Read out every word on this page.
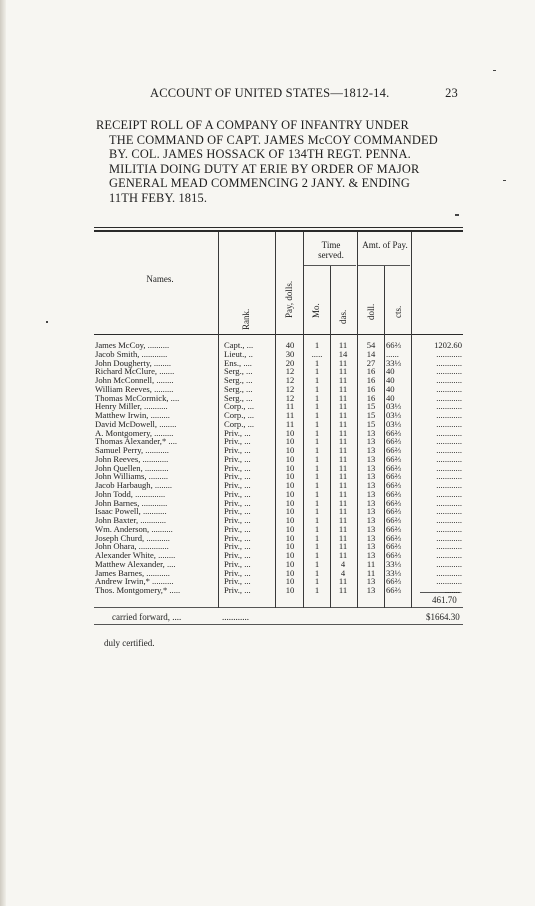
ACCOUNT OF UNITED STATES—1812-14.	23
RECEIPT ROLL OF A COMPANY OF INFANTRY UNDER
THE COMMAND OF CAPT. JAMES McCOY COMMANDED
BY. COL. JAMES HOSSACK OF 134TH REGT. PENNA.
MILITIA DOING DUTY AT ERIE BY ORDER OF MAJOR
GENERAL MEAD COMMENCING 2 JANY. & ENDING
11TH FEBY. 1815.
Names.
Rank.
Pay, dolls.
Time served.
Mo. das.
Amt. of Pay.
doll. cts.
James McCoy, ..........	Capt., ...	40	1	11	54	66⅔	1202.60
Jacob Smith, ............	Lieut., ..	30	.....	14	14	......	............
John Dougherty, ........	Ens., ....	20	1	11	27	33⅓	............
Richard McClure, .......	Serg., ...	12	1	11	16	40	............
John McConnell, ........	Serg., ...	12	1	11	16	40	............
William Reeves, .........	Serg., ...	12	1	11	16	40	............
Thomas McCormick, ....	Serg., ...	12	1	11	16	40	............
Henry Miller, ...........	Corp., ...	11	1	11	15	03⅓	............
Matthew Irwin, .........	Corp., ...	11	1	11	15	03⅓	............
David McDowell, ........	Corp., ...	11	1	11	15	03⅓	............
A. Montgomery, .........	Priv., ...	10	1	11	13	66⅔	............
Thomas Alexander,* ....	Priv., ...	10	1	11	13	66⅔	............
Samuel Perry, ...........	Priv., ...	10	1	11	13	66⅔	............
John Reeves, ............	Priv., ...	10	1	11	13	66⅔	............
John Quellen, ...........	Priv., ...	10	1	11	13	66⅔	............
John Williams, .........	Priv., ...	10	1	11	13	66⅔	............
Jacob Harbaugh, ........	Priv., ...	10	1	11	13	66⅔	............
John Todd, ..............	Priv., ...	10	1	11	13	66⅔	............
John Barnes, ............	Priv., ...	10	1	11	13	66⅔	............
Isaac Powell, ...........	Priv., ...	10	1	11	13	66⅔	............
John Baxter, ............	Priv., ...	10	1	11	13	66⅔	............
Wm. Anderson, ..........	Priv., ...	10	1	11	13	66⅔	............
Joseph Churd, ...........	Priv., ...	10	1	11	13	66⅔	............
John Ohara, ..............	Priv., ...	10	1	11	13	66⅔	............
Alexander White, ........	Priv., ...	10	1	11	13	66⅔	............
Matthew Alexander, ....	Priv., ...	10	1	4	11	33⅓	............
James Barnes, ...........	Priv., ...	10	1	4	11	33⅓	............
Andrew Irwin,* ..........	Priv., ...	10	1	11	13	66⅔	............
Thos. Montgomery,* .....	Priv., ...	10	1	11	13	66⅔	........
461.70
carried forward, ....	............	$1664.30
duly certified.
